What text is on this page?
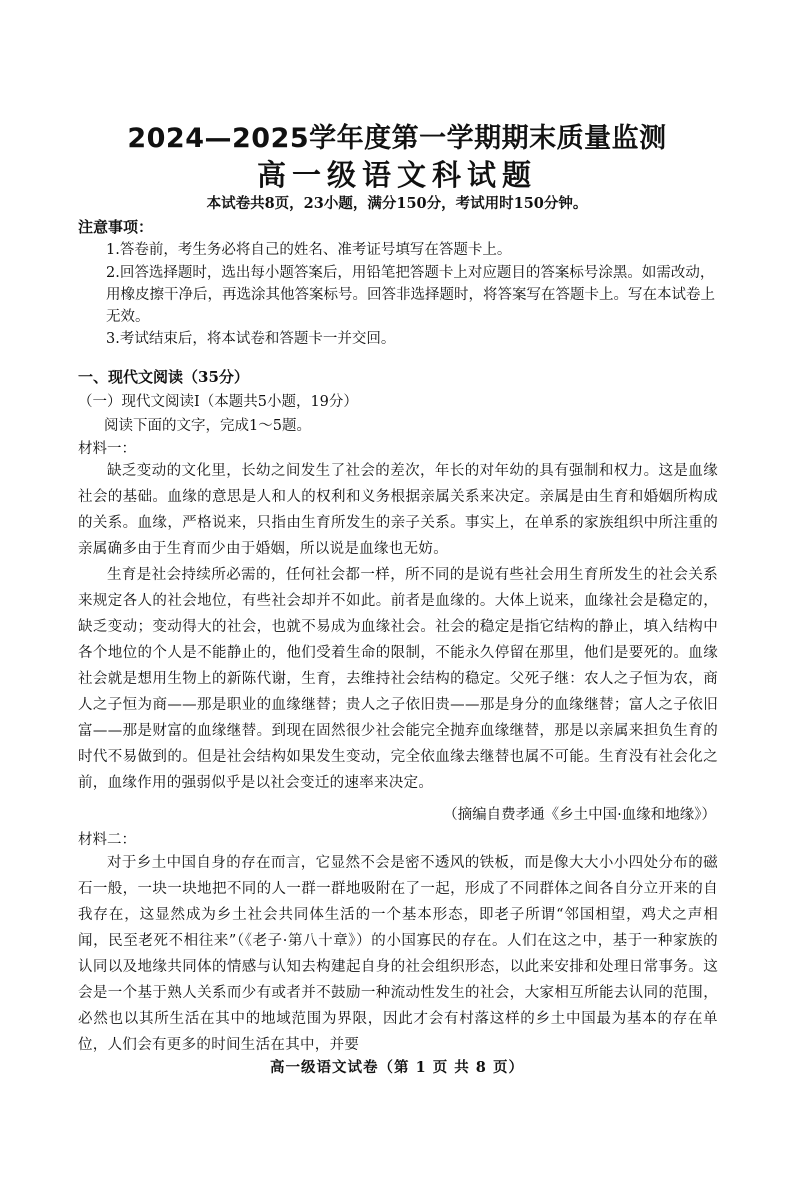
2024—2025学年度第一学期期末质量监测
高一级语文科试题
本试卷共8页，23小题，满分150分，考试用时150分钟。
注意事项：
1.答卷前，考生务必将自己的姓名、准考证号填写在答题卡上。
2.回答选择题时，选出每小题答案后，用铅笔把答题卡上对应题目的答案标号涂黑。如需改动，用橡皮擦干净后，再选涂其他答案标号。回答非选择题时，将答案写在答题卡上。写在本试卷上无效。
3.考试结束后，将本试卷和答题卡一并交回。
一、现代文阅读（35分）
（一）现代文阅读Ⅰ（本题共5小题，19分）
阅读下面的文字，完成1～5题。
材料一：
缺乏变动的文化里，长幼之间发生了社会的差次，年长的对年幼的具有强制和权力。这是血缘社会的基础。血缘的意思是人和人的权利和义务根据亲属关系来决定。亲属是由生育和婚姻所构成的关系。血缘，严格说来，只指由生育所发生的亲子关系。事实上，在单系的家族组织中所注重的亲属确多由于生育而少由于婚姻，所以说是血缘也无妨。
生育是社会持续所必需的，任何社会都一样，所不同的是说有些社会用生育所发生的社会关系来规定各人的社会地位，有些社会却并不如此。前者是血缘的。大体上说来，血缘社会是稳定的，缺乏变动；变动得大的社会，也就不易成为血缘社会。社会的稳定是指它结构的静止，填入结构中各个地位的个人是不能静止的，他们受着生命的限制，不能永久停留在那里，他们是要死的。血缘社会就是想用生物上的新陈代谢，生育，去维持社会结构的稳定。父死子继：农人之子恒为农，商人之子恒为商——那是职业的血缘继替；贵人之子依旧贵——那是身分的血缘继替；富人之子依旧富——那是财富的血缘继替。到现在固然很少社会能完全抛弃血缘继替，那是以亲属来担负生育的时代不易做到的。但是社会结构如果发生变动，完全依血缘去继替也属不可能。生育没有社会化之前，血缘作用的强弱似乎是以社会变迁的速率来决定。
（摘编自费孝通《乡土中国·血缘和地缘》）
材料二：
对于乡土中国自身的存在而言，它显然不会是密不透风的铁板，而是像大大小小四处分布的磁石一般，一块一块地把不同的人一群一群地吸附在了一起，形成了不同群体之间各自分立开来的自我存在，这显然成为乡土社会共同体生活的一个基本形态，即老子所谓“邻国相望，鸡犬之声相闻，民至老死不相往来”（《老子·第八十章》）的小国寡民的存在。人们在这之中，基于一种家族的认同以及地缘共同体的情感与认知去构建起自身的社会组织形态，以此来安排和处理日常事务。这会是一个基于熟人关系而少有或者并不鼓励一种流动性发生的社会，大家相互所能去认同的范围，必然也以其所生活在其中的地域范围为界限，因此才会有村落这样的乡土中国最为基本的存在单位，人们会有更多的时间生活在其中，并要
高一级语文试卷（第 1 页 共 8 页）
